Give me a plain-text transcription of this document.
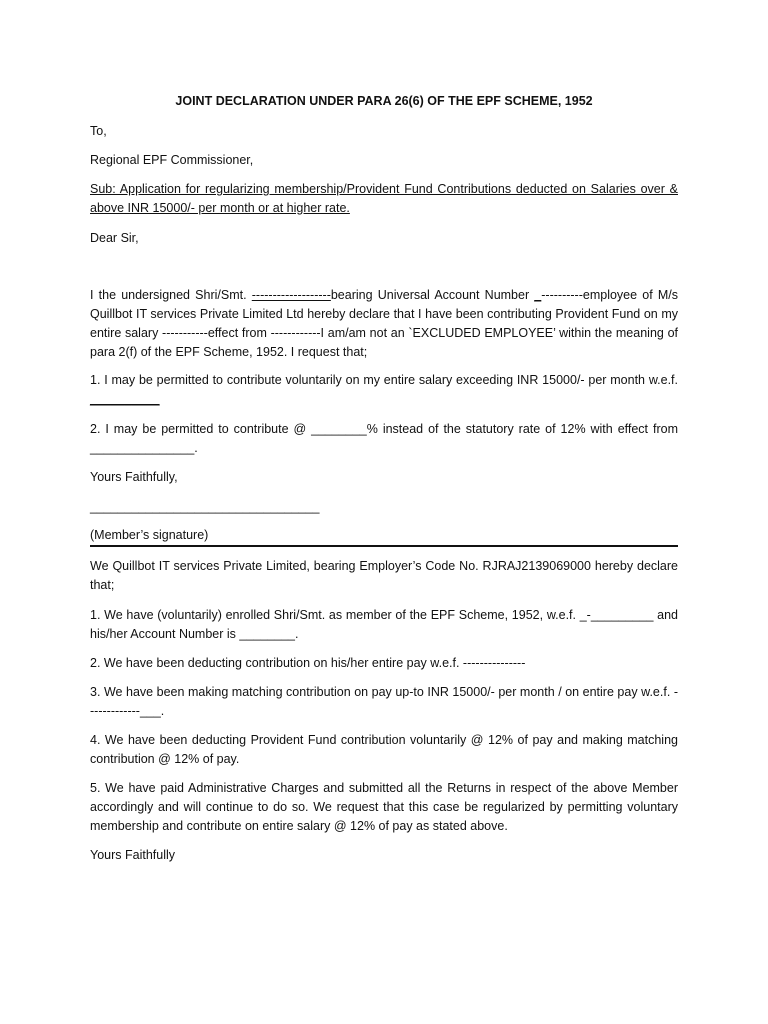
JOINT DECLARATION UNDER PARA 26(6) OF THE EPF SCHEME, 1952

To,

Regional EPF Commissioner,

Sub: Application for regularizing membership/Provident Fund Contributions deducted on Salaries over & above INR 15000/- per month or at higher rate.

Dear Sir,

I the undersigned Shri/Smt. -------------------bearing Universal Account Number _----------employee of M/s Quillbot IT services Private Limited Ltd hereby declare that I have been contributing Provident Fund on my entire salary -----------effect from ------------I am/am not an `EXCLUDED EMPLOYEE’ within the meaning of para 2(f) of the EPF Scheme, 1952. I request that;

1. I may be permitted to contribute voluntarily on my entire salary exceeding INR 15000/- per month w.e.f. __________

2. I may be permitted to contribute @ ________% instead of the statutory rate of 12% with effect from _______________.

Yours Faithfully,

_________________________________

(Member’s signature)

We Quillbot IT services Private Limited, bearing Employer’s Code No. RJRAJ2139069000 hereby declare that;

1. We have (voluntarily) enrolled Shri/Smt. as member of the EPF Scheme, 1952, w.e.f. _-_________ and his/her Account Number is ________.

2. We have been deducting contribution on his/her entire pay w.e.f. ---------------

3. We have been making matching contribution on pay up-to INR 15000/- per month / on entire pay w.e.f. -------------___.

4. We have been deducting Provident Fund contribution voluntarily @ 12% of pay and making matching contribution @ 12% of pay.

5. We have paid Administrative Charges and submitted all the Returns in respect of the above Member accordingly and will continue to do so. We request that this case be regularized by permitting voluntary membership and contribute on entire salary @ 12% of pay as stated above.

Yours Faithfully
